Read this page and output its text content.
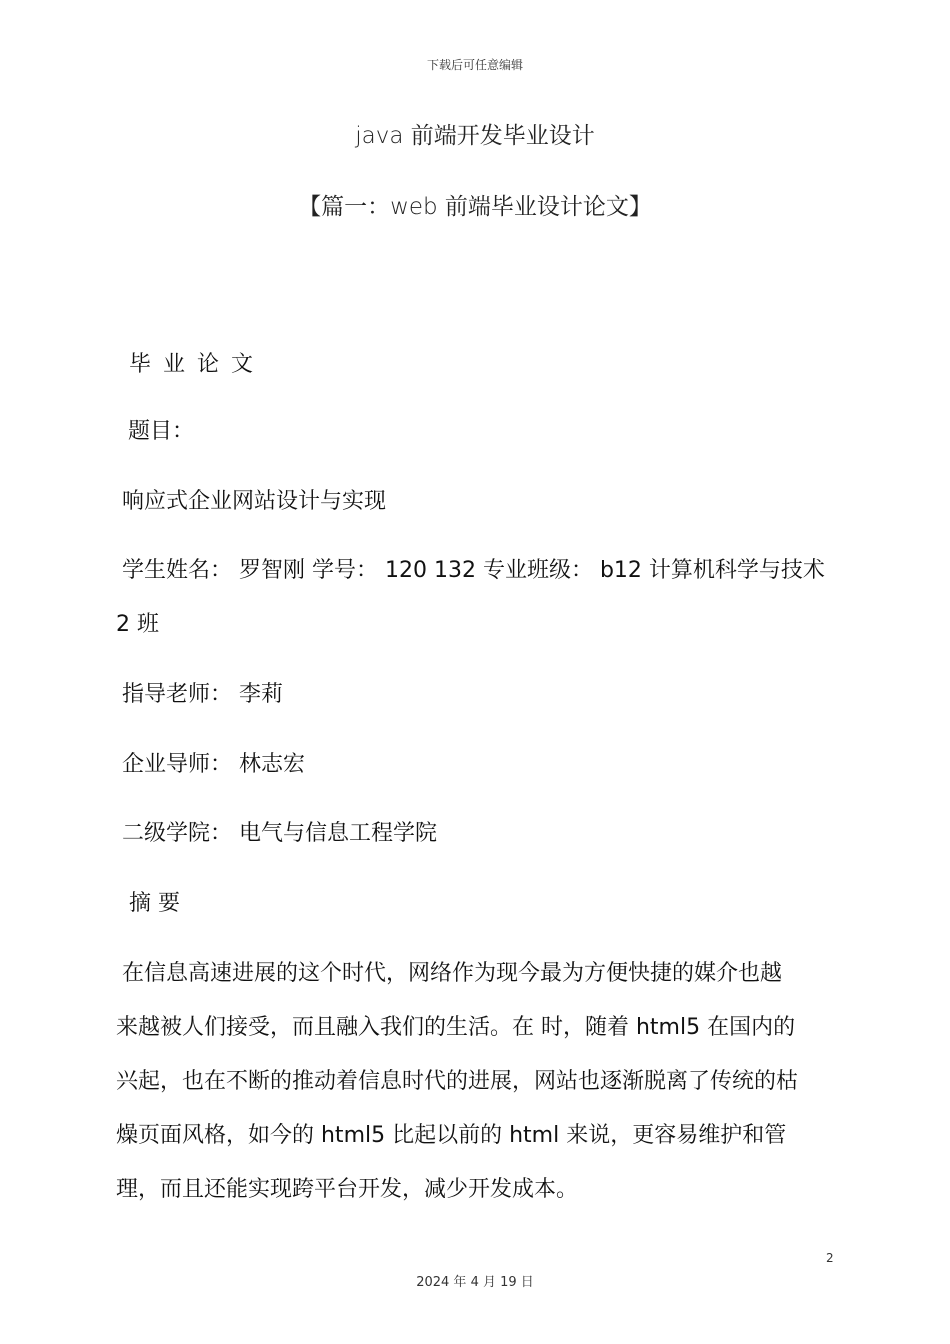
下载后可任意编辑
java 前端开发毕业设计
【篇一：web 前端毕业设计论文】
毕业论文
题目：
响应式企业网站设计与实现
学生姓名： 罗智刚 学号： 120 132 专业班级： b12 计算机科学与技术
2 班
指导老师： 李莉
企业导师： 林志宏
二级学院： 电气与信息工程学院
摘 要
在信息高速进展的这个时代，网络作为现今最为方便快捷的媒介也越
来越被人们接受，而且融入我们的生活。在 时，随着 html5 在国内的
兴起，也在不断的推动着信息时代的进展，网站也逐渐脱离了传统的枯
燥页面风格，如今的 html5 比起以前的 html 来说，更容易维护和管
理，而且还能实现跨平台开发，减少开发成本。
2
2024 年 4 月 19 日
